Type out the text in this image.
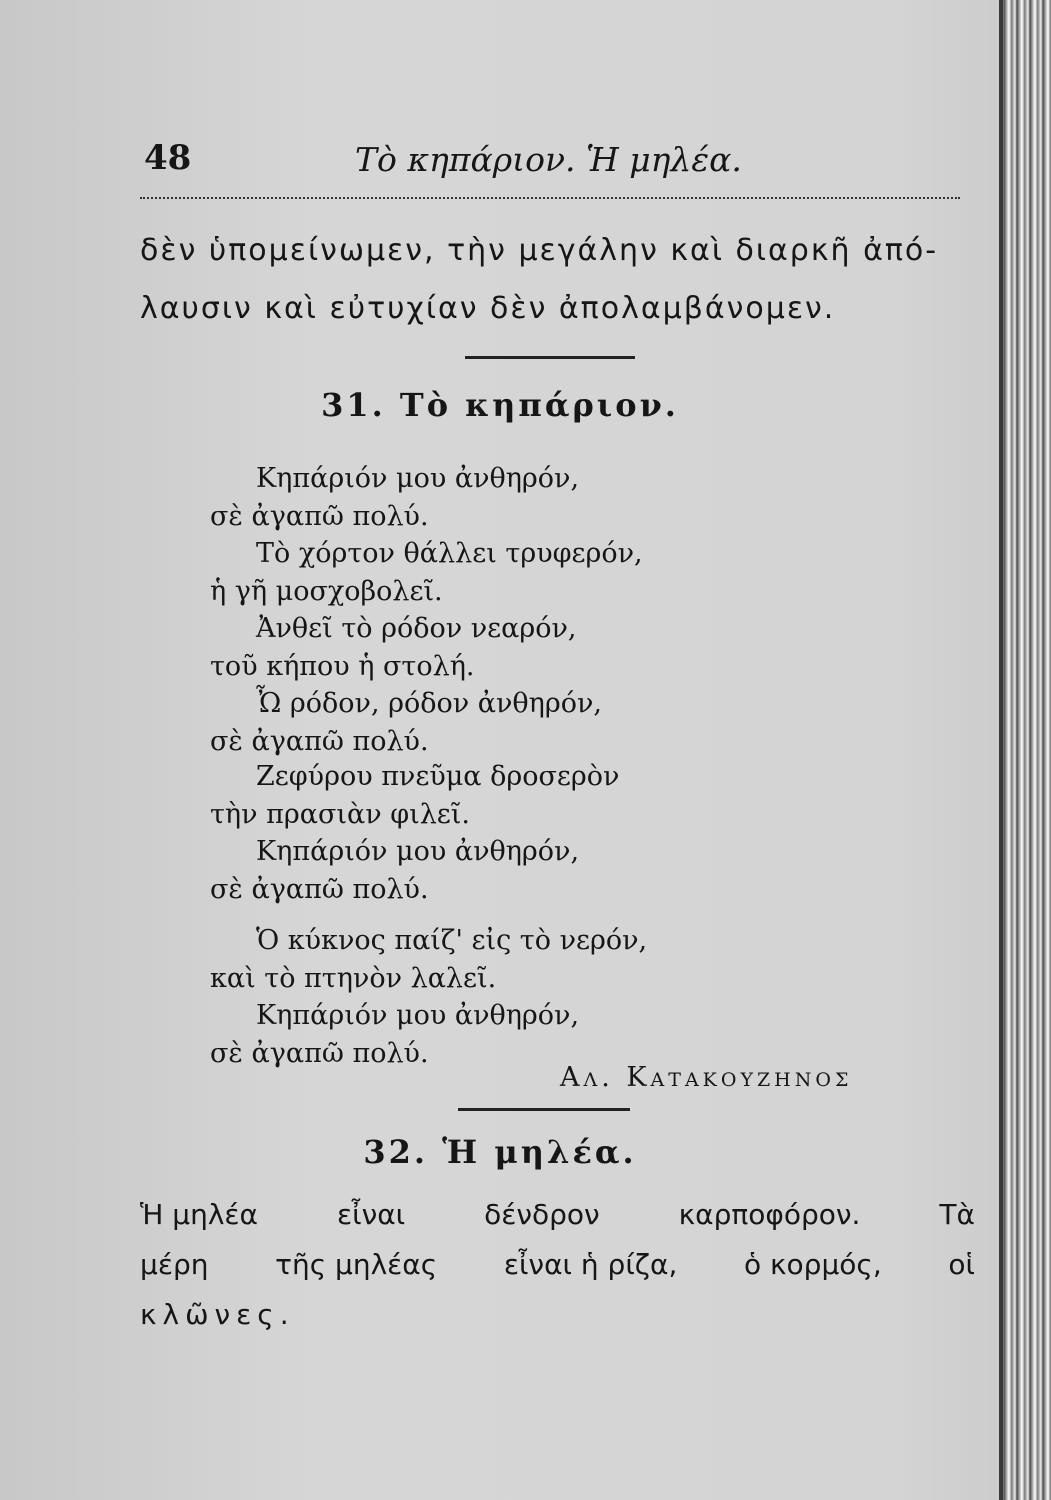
48	Τὸ κηπάριον. Ἡ μηλέα.
δὲν ὑπομείνωμεν, τὴν μεγάλην καὶ διαρκῆ ἀπό-
λαυσιν καὶ εὐτυχίαν δὲν ἀπολαμβάνομεν.
31. Τὸ κηπάριον.
Κηπάριόν μου ἀνθηρόν,
σὲ ἀγαπῶ πολύ.
Τὸ χόρτον θάλλει τρυφερόν,
ἡ γῆ μοσχοβολεῖ.
Ἀνθεῖ τὸ ρόδον νεαρόν,
τοῦ κήπου ἡ στολή.
Ὦ ρόδον, ρόδον ἀνθηρόν,
σὲ ἀγαπῶ πολύ.
Ζεφύρου πνεῦμα δροσερὸν
τὴν πρασιὰν φιλεῖ.
Κηπάριόν μου ἀνθηρόν,
σὲ ἀγαπῶ πολύ.
Ὁ κύκνος παίζ' εἰς τὸ νερόν,
καὶ τὸ πτηνὸν λαλεῖ.
Κηπάριόν μου ἀνθηρόν,
σὲ ἀγαπῶ πολύ.
Αλ. Κατακουζηνος
32. Ἡ μηλέα.
Ἡ μηλέα	εἶναι	δένδρον	καρποφόρον.	Τὰ
μέρη τῆς μηλέας εἶναι ἡ ρίζα, ὁ κορμός, οἱ
κλῶνες.
